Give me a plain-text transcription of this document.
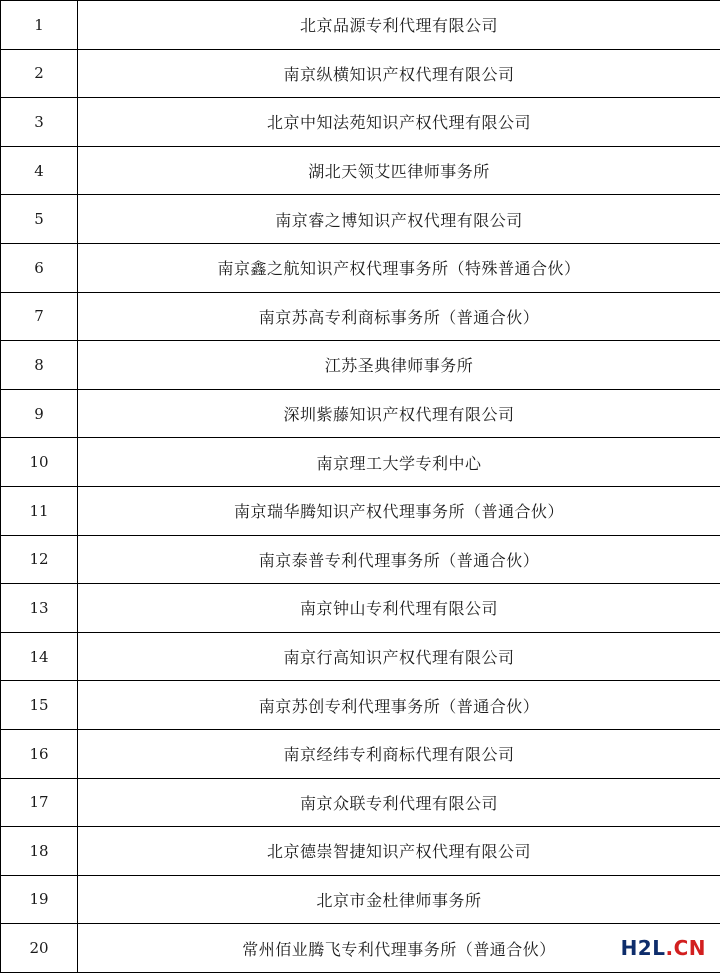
1	北京品源专利代理有限公司
2	南京纵横知识产权代理有限公司
3	北京中知法苑知识产权代理有限公司
4	湖北天领艾匹律师事务所
5	南京睿之博知识产权代理有限公司
6	南京鑫之航知识产权代理事务所（特殊普通合伙）
7	南京苏高专利商标事务所（普通合伙）
8	江苏圣典律师事务所
9	深圳紫藤知识产权代理有限公司
10	南京理工大学专利中心
11	南京瑞华腾知识产权代理事务所（普通合伙）
12	南京泰普专利代理事务所（普通合伙）
13	南京钟山专利代理有限公司
14	南京行高知识产权代理有限公司
15	南京苏创专利代理事务所（普通合伙）
16	南京经纬专利商标代理有限公司
17	南京众联专利代理有限公司
18	北京德崇智捷知识产权代理有限公司
19	北京市金杜律师事务所
20	常州佰业腾飞专利代理事务所（普通合伙）	H2L.CN
